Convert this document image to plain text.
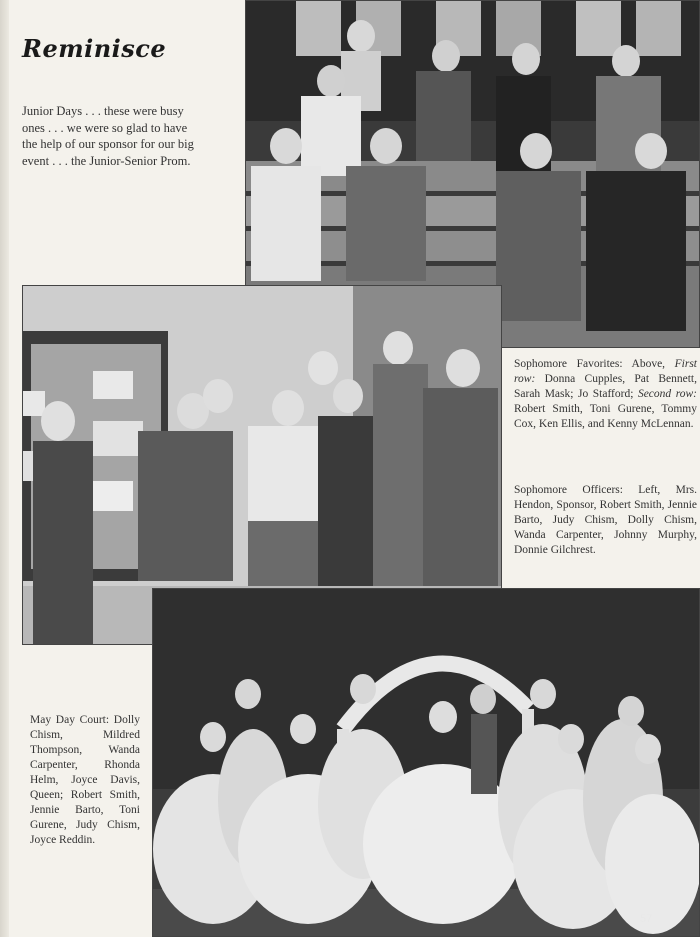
Reminisce
Junior Days . . . these were busy ones . . . we were so glad to have the help of our sponsor for our big event . . . the Junior-Senior Prom.
Sophomore Favorites: Above, First row: Donna Cupples, Pat Bennett, Sarah Mask; Jo Stafford; Second row: Robert Smith, Toni Gurene, Tommy Cox, Ken Ellis, and Kenny McLennan.
Sophomore Officers: Left, Mrs. Hendon, Sponsor, Robert Smith, Jennie Barto, Judy Chism, Dolly Chism, Wanda Carpenter, Johnny Murphy, Donnie Gilchrest.
May Day Court: Dolly Chism, Mildred Thompson, Wanda Carpenter, Rhonda Helm, Joyce Davis, Queen; Robert Smith, Jennie Barto, Toni Gurene, Judy Chism, Joyce Reddin.
57
